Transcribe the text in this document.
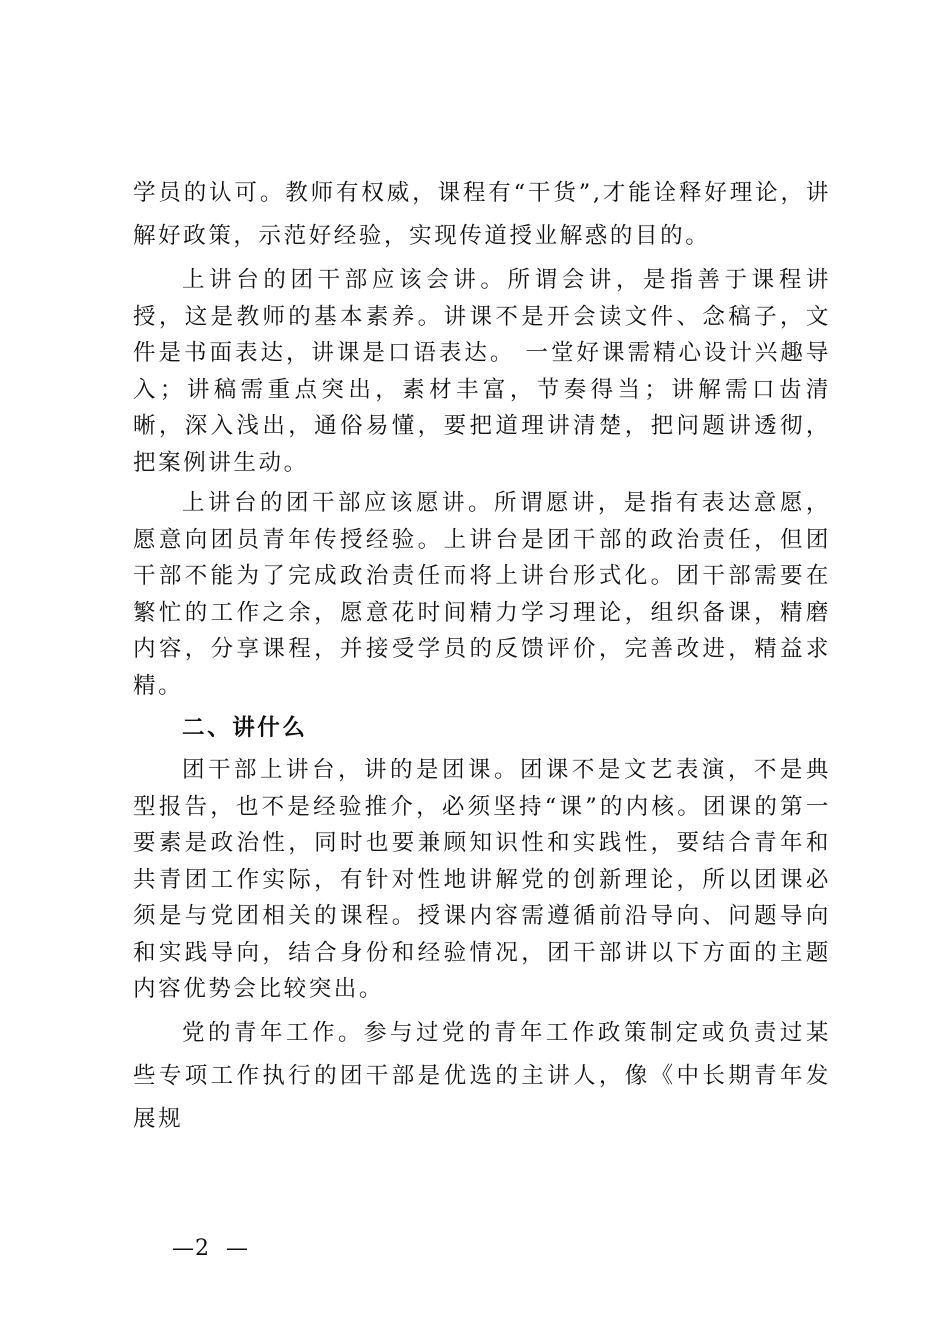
学员的认可。教师有权威，课程有“干货”,才能诠释好理论，讲解好政策，示范好经验，实现传道授业解惑的目的。

上讲台的团干部应该会讲。所谓会讲，是指善于课程讲授，这是教师的基本素养。讲课不是开会读文件、念稿子，文件是书面表达，讲课是口语表达。 一堂好课需精心设计兴趣导入；讲稿需重点突出，素材丰富，节奏得当；讲解需口齿清晰，深入浅出，通俗易懂，要把道理讲清楚，把问题讲透彻，把案例讲生动。

上讲台的团干部应该愿讲。所谓愿讲，是指有表达意愿，愿意向团员青年传授经验。上讲台是团干部的政治责任，但团干部不能为了完成政治责任而将上讲台形式化。团干部需要在繁忙的工作之余，愿意花时间精力学习理论，组织备课，精磨内容，分享课程，并接受学员的反馈评价，完善改进，精益求精。

二、讲什么

团干部上讲台，讲的是团课。团课不是文艺表演，不是典型报告，也不是经验推介，必须坚持“课”的内核。团课的第一要素是政治性，同时也要兼顾知识性和实践性，要结合青年和共青团工作实际，有针对性地讲解党的创新理论，所以团课必须是与党团相关的课程。授课内容需遵循前沿导向、问题导向和实践导向，结合身份和经验情况，团干部讲以下方面的主题内容优势会比较突出。

党的青年工作。参与过党的青年工作政策制定或负责过某些专项工作执行的团干部是优选的主讲人，像《中长期青年发展规

—2  —
